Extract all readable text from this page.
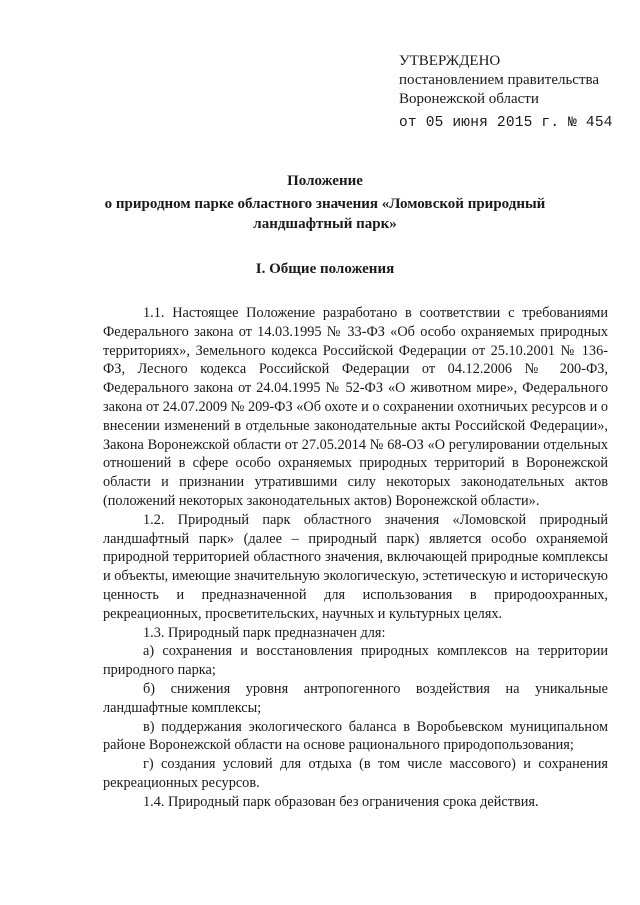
УТВЕРЖДЕНО
постановлением правительства
Воронежской области
от 05 июня 2015 г. № 454
Положение
о природном парке областного значения «Ломовской природный ландшафтный парк»
I. Общие положения

1.1. Настоящее Положение разработано в соответствии с требованиями Федерального закона от 14.03.1995 № 33-ФЗ «Об особо охраняемых природных территориях», Земельного кодекса Российской Федерации от 25.10.2001 № 136-ФЗ, Лесного кодекса Российской Федерации от 04.12.2006 № 200-ФЗ, Федерального закона от 24.04.1995 № 52-ФЗ «О животном мире», Федерального закона от 24.07.2009 № 209-ФЗ «Об охоте и о сохранении охотничьих ресурсов и о внесении изменений в отдельные законодательные акты Российской Федерации», Закона Воронежской области от 27.05.2014 № 68-ОЗ «О регулировании отдельных отношений в сфере особо охраняемых природных территорий в Воронежской области и признании утратившими силу некоторых законодательных актов (положений некоторых законодательных актов) Воронежской области».

1.2. Природный парк областного значения «Ломовской природный ландшафтный парк» (далее – природный парк) является особо охраняемой природной территорией областного значения, включающей природные комплексы и объекты, имеющие значительную экологическую, эстетическую и историческую ценность и предназначенной для использования в природоохранных, рекреационных, просветительских, научных и культурных целях.

1.3. Природный парк предназначен для:

а) сохранения и восстановления природных комплексов на территории природного парка;

б) снижения уровня антропогенного воздействия на уникальные ландшафтные комплексы;

в) поддержания экологического баланса в Воробьевском муниципальном районе Воронежской области на основе рационального природопользования;

г) создания условий для отдыха (в том числе массового) и сохранения рекреационных ресурсов.

1.4. Природный парк образован без ограничения срока действия.
